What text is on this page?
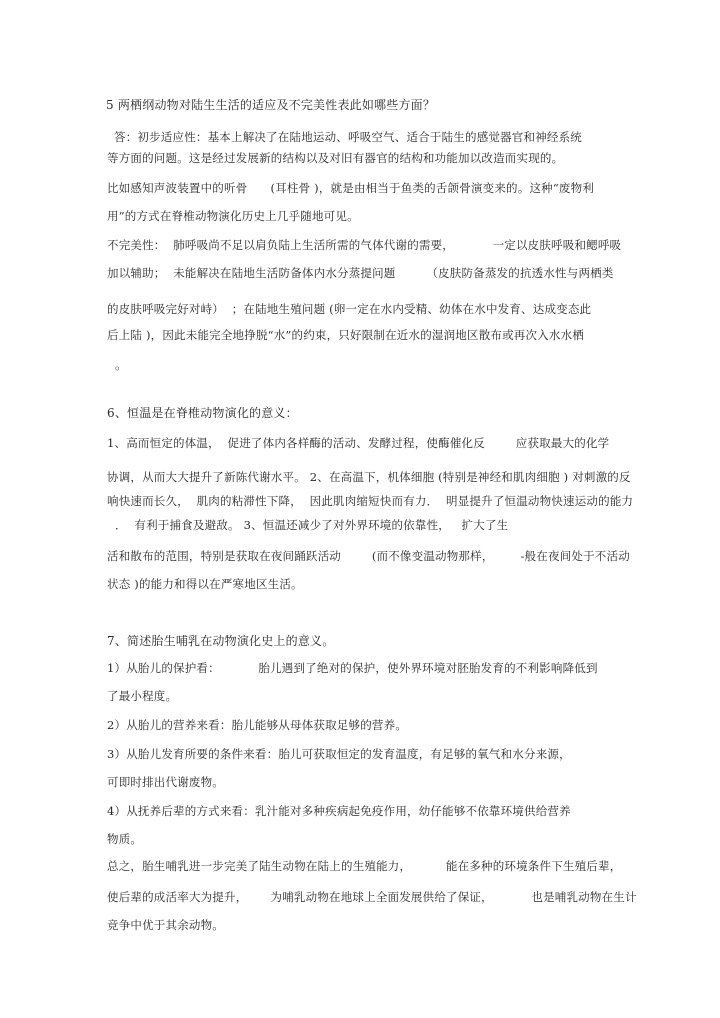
5 两栖纲动物对陆生生活的适应及不完美性表此如哪些方面？
答：初步适应性：基本上解决了在陆地运动、呼吸空气、适合于陆生的感觉器官和神经系统
等方面的问题。这是经过发展新的结构以及对旧有器官的结构和功能加以改造而实现的。
比如感知声波装置中的听骨      (耳柱骨 )，就是由相当于鱼类的舌颌骨演变来的。这种“废物利
用”的方式在脊椎动物演化历史上几乎随地可见。
不完美性：  肺呼吸尚不足以肩负陆上生活所需的气体代谢的需要，          一定以皮肤呼吸和鳃呼吸
加以辅助；  未能解决在陆地生活防备体内水分蒸提问题        （皮肤防备蒸发的抗透水性与两栖类
的皮肤呼吸完好对峙）  ；在陆地生殖问题 (卵一定在水内受精、幼体在水中发育、达成变态此
后上陆 )，因此未能完全地挣脱“水”的约束，只好限制在近水的湿润地区散布或再次入水水栖
。
6、恒温是在脊椎动物演化的意义：
1、高而恒定的体温，  促进了体内各样酶的活动、发酵过程，使酶催化反        应获取最大的化学
协调，从而大大提升了新陈代谢水平。 2、在高温下，机体细胞 (特别是神经和肌肉细胞 ) 对刺激的反
响快速而长久，  肌肉的粘滞性下降，  因此肌肉缩短快而有力．  明显提升了恒温动物快速运动的能力
．  有利于捕食及避敌。 3、恒温还减少了对外界环境的依靠性，   扩大了生
活和散布的范围，特别是获取在夜间踊跃活动        (而不像变温动物那样，       -般在夜间处于不活动
状态 )的能力和得以在严寒地区生活。
7、简述胎生哺乳在动物演化史上的意义。
1）从胎儿的保护看：          胎儿遇到了绝对的保护，使外界环境对胚胎发育的不利影响降低到
了最小程度。
2）从胎儿的营养来看：胎儿能够从母体获取足够的营养。
3）从胎儿发育所要的条件来看：胎儿可获取恒定的发育温度，有足够的氧气和水分来源，
可即时排出代谢废物。
4）从抚养后辈的方式来看：乳汁能对多种疾病起免疫作用，幼仔能够不依靠环境供给营养
物质。
总之，胎生哺乳进一步完美了陆生动物在陆上的生殖能力，         能在多种的环境条件下生殖后辈，
使后辈的成活率大为提升，      为哺乳动物在地球上全面发展供给了保证，          也是哺乳动物在生计
竞争中优于其余动物。
